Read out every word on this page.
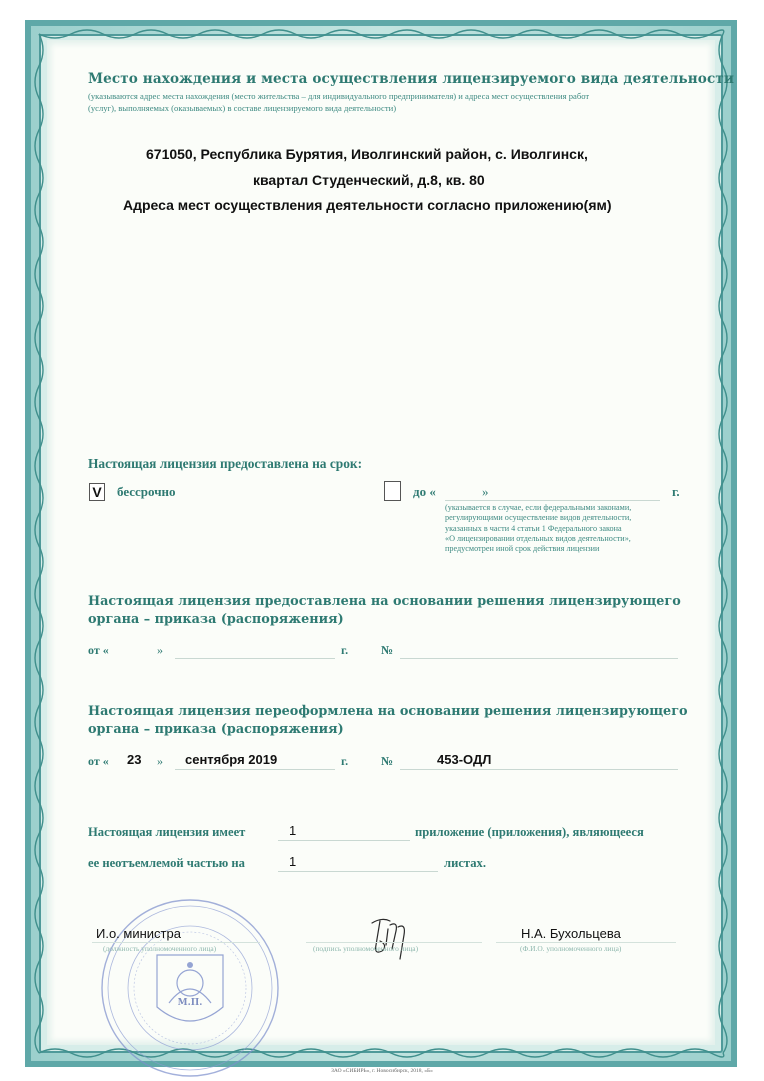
Место нахождения и места осуществления лицензируемого вида деятельности
(указываются адрес места нахождения (место жительства – для индивидуального предпринимателя) и адреса мест осуществления работ
(услуг), выполняемых (оказываемых) в составе лицензируемого вида деятельности)
671050, Республика Бурятия, Иволгинский район, с. Иволгинск,
квартал Студенческий, д.8, кв. 80
Адреса мест осуществления деятельности согласно приложению(ям)
Настоящая лицензия предоставлена на срок:
V бессрочно	до «	»	г.
(указывается в случае, если федеральными законами,
регулирующими осуществление видов деятельности,
указанных в части 4 статьи 1 Федерального закона
«О лицензировании отдельных видов деятельности»,
предусмотрен иной срок действия лицензии
Настоящая лицензия предоставлена на основании решения лицензирующего
органа – приказа (распоряжения)
от «	»	г.	№
Настоящая лицензия переоформлена на основании решения лицензирующего
органа – приказа (распоряжения)
от « 23 » сентября 2019	г.	№	453-ОДЛ
Настоящая лицензия имеет	1	приложение (приложения), являющееся
ее неотъемлемой частью на	1	листах.
М.П.
И.о. министра
(должность уполномоченного лица)	(подпись уполномоченного лица)
Н.А. Бухольцева
(Ф.И.О. уполномоченного лица)
ЗАО «СИБИРЬ», г. Новосибирск, 2018, «Б»
